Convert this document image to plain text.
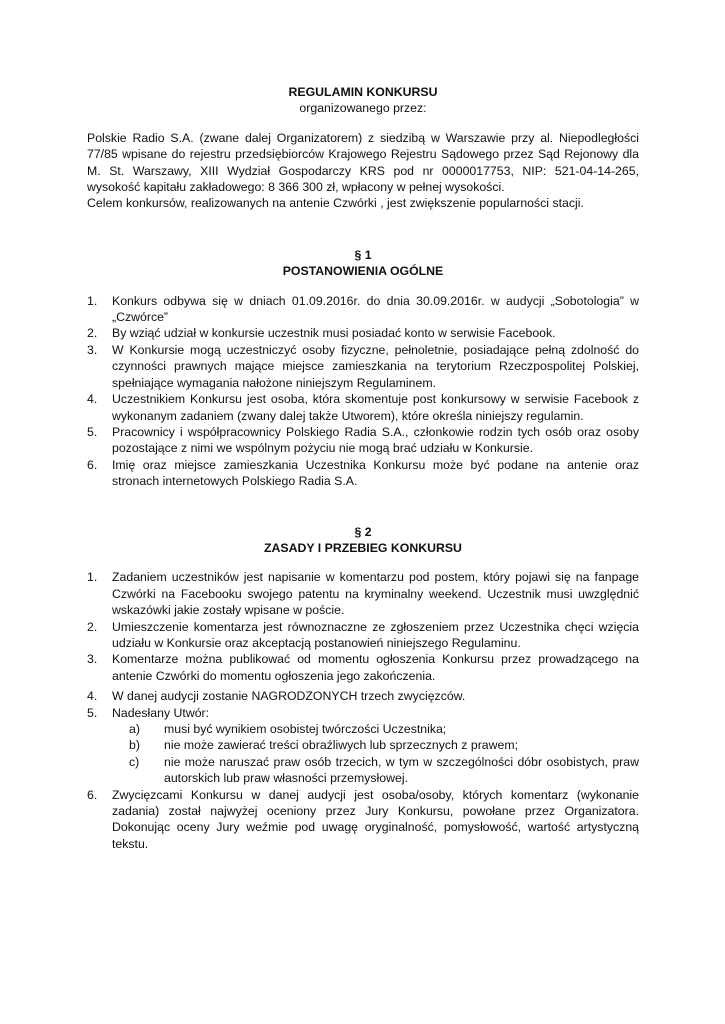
REGULAMIN KONKURSU

organizowanego przez:

Polskie Radio S.A. (zwane dalej Organizatorem) z siedzibą w Warszawie przy al. Niepodległości 77/85 wpisane do rejestru przedsiębiorców Krajowego Rejestru Sądowego przez Sąd Rejonowy dla M. St. Warszawy, XIII Wydział Gospodarczy KRS pod nr 0000017753, NIP: 521-04-14-265, wysokość kapitału zakładowego: 8 366 300 zł, wpłacony w pełnej wysokości.
Celem konkursów, realizowanych na antenie Czwórki , jest zwiększenie popularności stacji.

§ 1

POSTANOWIENIA OGÓLNE

1. Konkurs odbywa się w dniach 01.09.2016r. do dnia 30.09.2016r. w audycji „Sobotologia” w „Czwórce”
2. By wziąć udział w konkursie uczestnik musi posiadać konto w serwisie Facebook.
3. W Konkursie mogą uczestniczyć osoby fizyczne, pełnoletnie, posiadające pełną zdolność do czynności prawnych mające miejsce zamieszkania na terytorium Rzeczpospolitej Polskiej, spełniające wymagania nałożone niniejszym Regulaminem.
4. Uczestnikiem Konkursu jest osoba, która skomentuje post konkursowy w serwisie Facebook z wykonanym zadaniem (zwany dalej także Utworem), które określa niniejszy regulamin.
5. Pracownicy i współpracownicy Polskiego Radia S.A., członkowie rodzin tych osób oraz osoby pozostające z nimi we wspólnym pożyciu nie mogą brać udziału w Konkursie.
6. Imię oraz miejsce zamieszkania Uczestnika Konkursu może być podane na antenie oraz stronach internetowych Polskiego Radia S.A.

§ 2

ZASADY I PRZEBIEG KONKURSU

1. Zadaniem uczestników jest napisanie w komentarzu pod postem, który pojawi się na fanpage Czwórki na Facebooku swojego patentu na kryminalny weekend. Uczestnik musi uwzględnić wskazówki jakie zostały wpisane w poście.
2. Umieszczenie komentarza jest równoznaczne ze zgłoszeniem przez Uczestnika chęci wzięcia udziału w Konkursie oraz akceptacją postanowień niniejszego Regulaminu.
3. Komentarze można publikować od momentu ogłoszenia Konkursu przez prowadzącego na antenie Czwórki do momentu ogłoszenia jego zakończenia.
4. W danej audycji zostanie NAGRODZONYCH trzech zwycięzców.
5. Nadesłany Utwór:
a) musi być wynikiem osobistej twórczości Uczestnika;
b) nie może zawierać treści obraźliwych lub sprzecznych z prawem;
c) nie może naruszać praw osób trzecich, w tym w szczególności dóbr osobistych, praw autorskich lub praw własności przemysłowej.
6. Zwycięzcami Konkursu w danej audycji jest osoba/osoby, których komentarz (wykonanie zadania) został najwyżej oceniony przez Jury Konkursu, powołane przez Organizatora. Dokonując oceny Jury weźmie pod uwagę oryginalność, pomysłowość, wartość artystyczną tekstu.
